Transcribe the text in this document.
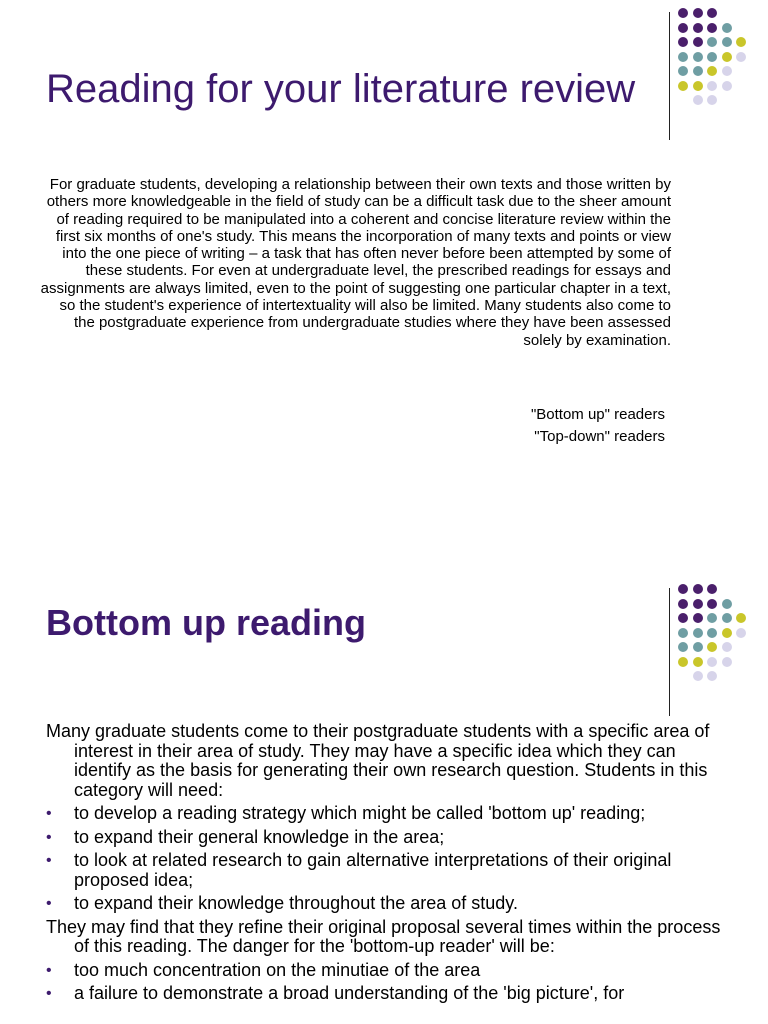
Reading for your literature review
For graduate students, developing a relationship between their own texts and those written by others more knowledgeable in the field of study can be a difficult task due to the sheer amount of reading required to be manipulated into a coherent and concise literature review within the first six months of one's study. This means the incorporation of many texts and points or view into the one piece of writing – a task that has often never before been attempted by some of these students. For even at undergraduate level, the prescribed readings for essays and assignments are always limited, even to the point of suggesting one particular chapter in a text, so the student's experience of intertextuality will also be limited. Many students also come to the postgraduate experience from undergraduate studies where they have been assessed solely by examination.
"Bottom up" readers
"Top-down" readers
Bottom up reading

Many graduate students come to their postgraduate students with a specific area of interest in their area of study. They may have a specific idea which they can identify as the basis for generating their own research question. Students in this category will need:

• to develop a reading strategy which might be called 'bottom up' reading;
• to expand their general knowledge in the area;
• to look at related research to gain alternative interpretations of their original proposed idea;
• to expand their knowledge throughout the area of study.

They may find that they refine their original proposal several times within the process of this reading. The danger for the 'bottom-up reader' will be:

• too much concentration on the minutiae of the area
• a failure to demonstrate a broad understanding of the 'big picture', for
